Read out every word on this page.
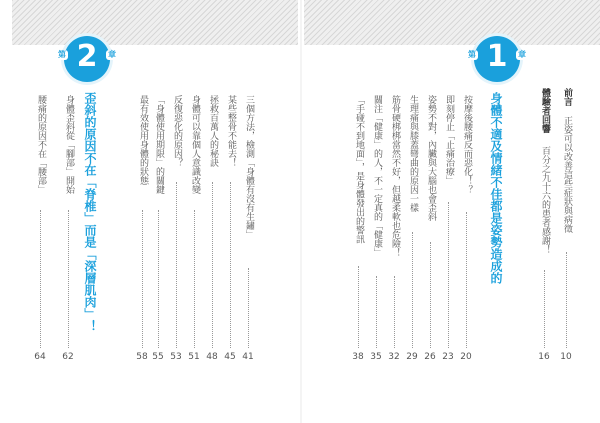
第 2	章
歪斜的原因不在「脊椎」而是「深層肌肉」！
身體歪斜從「腳部」開始
62
腰痛的原因不在「腰部」
64
三個方法，檢測「身體有沒有生鏽」
41
某些整骨不能去！
45
拯救百萬人的秘訣
48
身體可以靠個人意識改變
51
反復惡化的原因？
53
「身體使用期限」的關鍵
55
最有效使用身體的狀態
58
前言
正姿可以改善這些症狀與病徵
10
體驗者回響
百分之九十六的患者感謝！
16
第 1	章
身體不適及情緒不佳都是姿勢造成的
按摩後腰痛反而惡化！？
20
即刻停止「止痛治療」
23
姿勢不對，內臟與大腦也會歪斜
26
生理痛與膝蓋彎曲的原因一樣
29
筋骨硬梆梆當然不好，但越柔軟也危險！
32
關注「健康」的人，不一定真的「健康」
35
「手碰不到地面」，是身體發出的警訊
38
